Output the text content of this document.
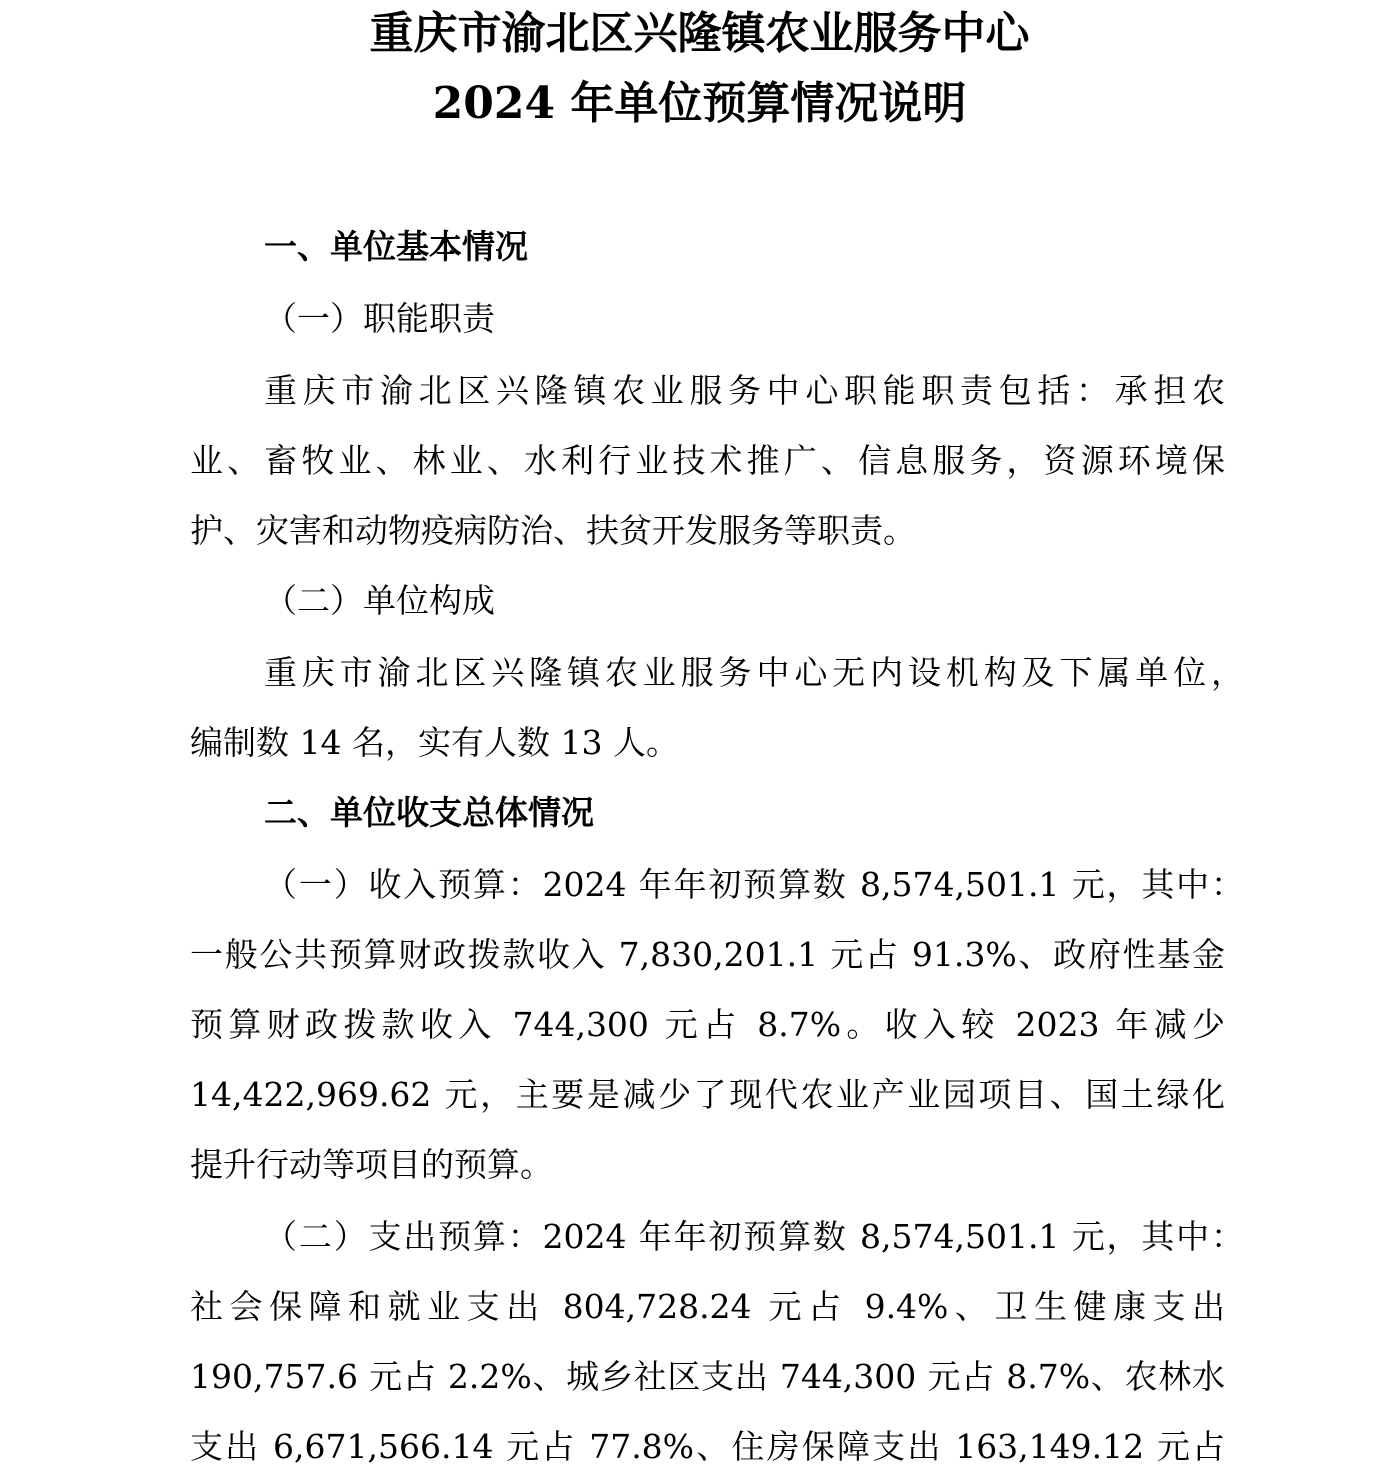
重庆市渝北区兴隆镇农业服务中心
2024 年单位预算情况说明
一、单位基本情况
（一）职能职责
重庆市渝北区兴隆镇农业服务中心职能职责包括：承担农
业、畜牧业、林业、水利行业技术推广、信息服务，资源环境保
护、灾害和动物疫病防治、扶贫开发服务等职责。
（二）单位构成
重庆市渝北区兴隆镇农业服务中心无内设机构及下属单位，
编制数 14 名，实有人数 13 人。
二、单位收支总体情况
（一）收入预算：2024 年年初预算数 8,574,501.1 元，其中：
一般公共预算财政拨款收入 7,830,201.1 元占 91.3%、政府性基金
预算财政拨款收入 744,300 元占 8.7%。收入较 2023 年减少
14,422,969.62 元，主要是减少了现代农业产业园项目、国土绿化
提升行动等项目的预算。
（二）支出预算：2024 年年初预算数 8,574,501.1 元，其中：
社会保障和就业支出 804,728.24 元占 9.4%、卫生健康支出
190,757.6 元占 2.2%、城乡社区支出 744,300 元占 8.7%、农林水
支出 6,671,566.14 元占 77.8%、住房保障支出 163,149.12 元占
